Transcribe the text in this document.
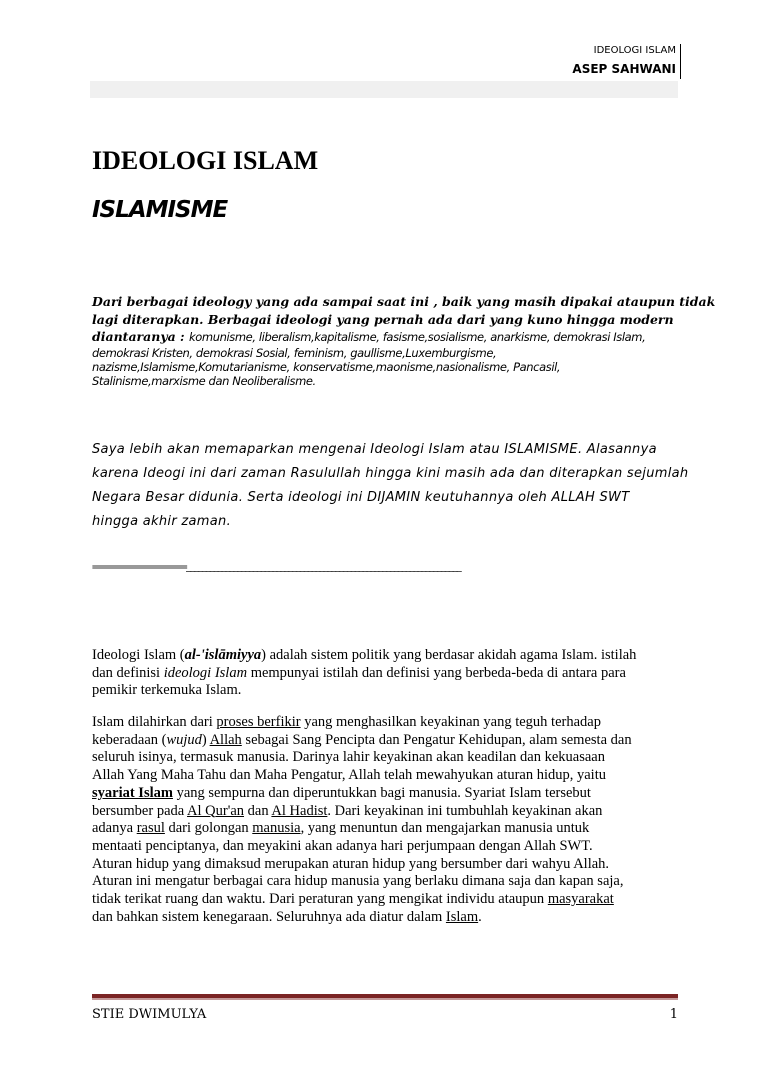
IDEOLOGI ISLAM
ASEP SAHWANI
IDEOLOGI ISLAM
ISLAMISME
Dari berbagai ideology yang ada sampai saat ini , baik yang masih dipakai ataupun tidak
lagi diterapkan. Berbagai ideologi yang pernah ada dari yang kuno hingga modern
diantaranya : komunisme, liberalism,kapitalisme, fasisme,sosialisme, anarkisme, demokrasi Islam,
demokrasi Kristen, demokrasi Sosial, feminism, gaullisme,Luxemburgisme,
nazisme,Islamisme,Komutarianisme, konservatisme,maonisme,nasionalisme, Pancasil,
Stalinisme,marxisme dan Neoliberalisme.
Saya lebih akan memaparkan mengenai Ideologi Islam atau ISLAMISME. Alasannya
karena Ideogi ini dari zaman Rasulullah hingga kini masih ada dan diterapkan sejumlah
Negara Besar didunia. Serta ideologi ini DIJAMIN keutuhannya oleh ALLAH SWT
hingga akhir zaman.
========================______________________________________________________________________
Ideologi Islam (al-'islāmiyya) adalah sistem politik yang berdasar akidah agama Islam. istilah
dan definisi ideologi Islam mempunyai istilah dan definisi yang berbeda-beda di antara para
pemikir terkemuka Islam.
Islam dilahirkan dari proses berfikir yang menghasilkan keyakinan yang teguh terhadap
keberadaan (wujud) Allah sebagai Sang Pencipta dan Pengatur Kehidupan, alam semesta dan
seluruh isinya, termasuk manusia. Darinya lahir keyakinan akan keadilan dan kekuasaan
Allah Yang Maha Tahu dan Maha Pengatur, Allah telah mewahyukan aturan hidup, yaitu
syariat Islam yang sempurna dan diperuntukkan bagi manusia. Syariat Islam tersebut
bersumber pada Al Qur'an dan Al Hadist. Dari keyakinan ini tumbuhlah keyakinan akan
adanya rasul dari golongan manusia, yang menuntun dan mengajarkan manusia untuk
mentaati penciptanya, dan meyakini akan adanya hari perjumpaan dengan Allah SWT.
Aturan hidup yang dimaksud merupakan aturan hidup yang bersumber dari wahyu Allah.
Aturan ini mengatur berbagai cara hidup manusia yang berlaku dimana saja dan kapan saja,
tidak terikat ruang dan waktu. Dari peraturan yang mengikat individu ataupun masyarakat
dan bahkan sistem kenegaraan. Seluruhnya ada diatur dalam Islam.
STIE DWIMULYA	1
